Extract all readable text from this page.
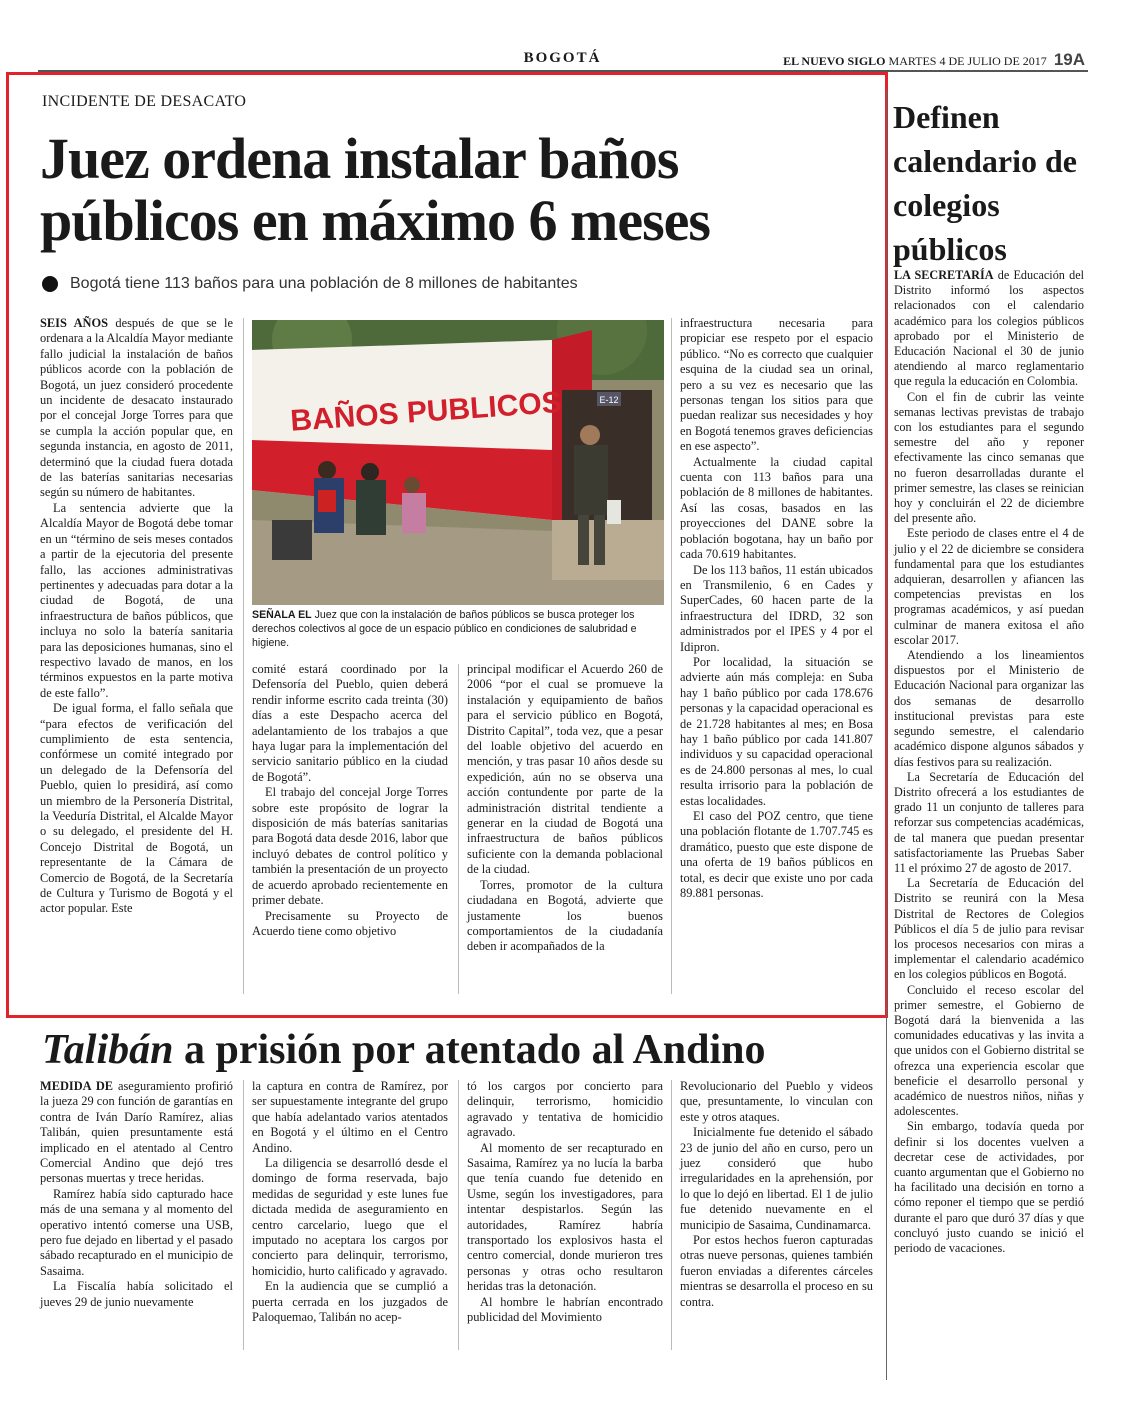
BOGOTÁ	EL NUEVO SIGLO MARTES 4 DE JULIO DE 2017 19A
INCIDENTE DE DESACATO
Juez ordena instalar baños
públicos en máximo 6 meses
Bogotá tiene 113 baños para una población de 8 millones de habitantes

SEIS AÑOS después de que se le ordenara a la Alcaldía Mayor mediante fallo judicial la instalación de baños públicos acorde con la población de Bogotá, un juez consideró procedente un incidente de desacato instaurado por el concejal Jorge Torres para que se cumpla la acción popular que, en segunda instancia, en agosto de 2011, determinó que la ciudad fuera dotada de las baterías sanitarias necesarias según su número de habitantes.

La sentencia advierte que la Alcaldía Mayor de Bogotá debe tomar en un “término de seis meses contados a partir de la ejecutoria del presente fallo, las acciones administrativas pertinentes y adecuadas para dotar a la ciudad de Bogotá, de una infraestructura de baños públicos, que incluya no solo la batería sanitaria para las deposiciones humanas, sino el respectivo lavado de manos, en los términos expuestos en la parte motiva de este fallo”.

De igual forma, el fallo señala que “para efectos de verificación del cumplimiento de esta sentencia, confórmese un comité integrado por un delegado de la Defensoría del Pueblo, quien lo presidirá, así como un miembro de la Personería Distrital, la Veeduría Distrital, el Alcalde Mayor o su delegado, el presidente del H. Concejo Distrital de Bogotá, un representante de la Cámara de Comercio de Bogotá, de la Secretaría de Cultura y Turismo de Bogotá y el actor popular. Este

E-12
BAÑOS PUBLICOS
SEÑALA EL Juez que con la instalación de baños públicos se busca proteger los derechos colectivos al goce de un espacio público en condiciones de salubridad e higiene.

comité estará coordinado por la Defensoría del Pueblo, quien deberá rendir informe escrito cada treinta (30) días a este Despacho acerca del adelantamiento de los trabajos a que haya lugar para la implementación del servicio sanitario público en la ciudad de Bogotá”.

El trabajo del concejal Jorge Torres sobre este propósito de lograr la disposición de más baterías sanitarias para Bogotá data desde 2016, labor que incluyó debates de control político y también la presentación de un proyecto de acuerdo aprobado recientemente en primer debate.

Precisamente su Proyecto de Acuerdo tiene como objetivo

principal modificar el Acuerdo 260 de 2006 “por el cual se promueve la instalación y equipamiento de baños para el servicio público en Bogotá, Distrito Capital”, toda vez, que a pesar del loable objetivo del acuerdo en mención, y tras pasar 10 años desde su expedición, aún no se observa una acción contundente por parte de la administración distrital tendiente a generar en la ciudad de Bogotá una infraestructura de baños públicos suficiente con la demanda poblacional de la ciudad.

Torres, promotor de la cultura ciudadana en Bogotá, advierte que justamente los buenos comportamientos de la ciudadanía deben ir acompañados de la

infraestructura necesaria para propiciar ese respeto por el espacio público. “No es correcto que cualquier esquina de la ciudad sea un orinal, pero a su vez es necesario que las personas tengan los sitios para que puedan realizar sus necesidades y hoy en Bogotá tenemos graves deficiencias en ese aspecto”.

Actualmente la ciudad capital cuenta con 113 baños para una población de 8 millones de habitantes. Así las cosas, basados en las proyecciones del DANE sobre la población bogotana, hay un baño por cada 70.619 habitantes.

De los 113 baños, 11 están ubicados en Transmilenio, 6 en Cades y SuperCades, 60 hacen parte de la infraestructura del IDRD, 32 son administrados por el IPES y 4 por el Idipron.

Por localidad, la situación se advierte aún más compleja: en Suba hay 1 baño público por cada 178.676 personas y la capacidad operacional es de 21.728 habitantes al mes; en Bosa hay 1 baño público por cada 141.807 individuos y su capacidad operacional es de 24.800 personas al mes, lo cual resulta irrisorio para la población de estas localidades.

El caso del POZ centro, que tiene una población flotante de 1.707.745 es dramático, puesto que este dispone de una oferta de 19 baños públicos en total, es decir que existe uno por cada 89.881 personas.

Definen calendario de colegios públicos

LA SECRETARÍA de Educación del Distrito informó los aspectos relacionados con el calendario académico para los colegios públicos aprobado por el Ministerio de Educación Nacional el 30 de junio atendiendo al marco reglamentario que regula la educación en Colombia.

Con el fin de cubrir las veinte semanas lectivas previstas de trabajo con los estudiantes para el segundo semestre del año y reponer efectivamente las cinco semanas que no fueron desarrolladas durante el primer semestre, las clases se reinician hoy y concluirán el 22 de diciembre del presente año.

Este periodo de clases entre el 4 de julio y el 22 de diciembre se considera fundamental para que los estudiantes adquieran, desarrollen y afiancen las competencias previstas en los programas académicos, y así puedan culminar de manera exitosa el año escolar 2017.

Atendiendo a los lineamientos dispuestos por el Ministerio de Educación Nacional para organizar las dos semanas de desarrollo institucional previstas para este segundo semestre, el calendario académico dispone algunos sábados y días festivos para su realización.

La Secretaría de Educación del Distrito ofrecerá a los estudiantes de grado 11 un conjunto de talleres para reforzar sus competencias académicas, de tal manera que puedan presentar satisfactoriamente las Pruebas Saber 11 el próximo 27 de agosto de 2017.

La Secretaría de Educación del Distrito se reunirá con la Mesa Distrital de Rectores de Colegios Públicos el día 5 de julio para revisar los procesos necesarios con miras a implementar el calendario académico en los colegios públicos en Bogotá.

Concluido el receso escolar del primer semestre, el Gobierno de Bogotá dará la bienvenida a las comunidades educativas y las invita a que unidos con el Gobierno distrital se ofrezca una experiencia escolar que beneficie el desarrollo personal y académico de nuestros niños, niñas y adolescentes.

Sin embargo, todavía queda por definir si los docentes vuelven a decretar cese de actividades, por cuanto argumentan que el Gobierno no ha facilitado una decisión en torno a cómo reponer el tiempo que se perdió durante el paro que duró 37 días y que concluyó justo cuando se inició el periodo de vacaciones.

Talibán a prisión por atentado al Andino

MEDIDA DE aseguramiento profirió la jueza 29 con función de garantías en contra de Iván Darío Ramírez, alias Talibán, quien presuntamente está implicado en el atentado al Centro Comercial Andino que dejó tres personas muertas y trece heridas.

Ramírez había sido capturado hace más de una semana y al momento del operativo intentó comerse una USB, pero fue dejado en libertad y el pasado sábado recapturado en el municipio de Sasaima.

La Fiscalía había solicitado el jueves 29 de junio nuevamente

la captura en contra de Ramírez, por ser supuestamente integrante del grupo que había adelantado varios atentados en Bogotá y el último en el Centro Andino.

La diligencia se desarrolló desde el domingo de forma reservada, bajo medidas de seguridad y este lunes fue dictada medida de aseguramiento en centro carcelario, luego que el imputado no aceptara los cargos por concierto para delinquir, terrorismo, homicidio, hurto calificado y agravado.

En la audiencia que se cumplió a puerta cerrada en los juzgados de Paloquemao, Talibán no acep-

tó los cargos por concierto para delinquir, terrorismo, homicidio agravado y tentativa de homicidio agravado.

Al momento de ser recapturado en Sasaima, Ramírez ya no lucía la barba que tenía cuando fue detenido en Usme, según los investigadores, para intentar despistarlos. Según las autoridades, Ramírez habría transportado los explosivos hasta el centro comercial, donde murieron tres personas y otras ocho resultaron heridas tras la detonación.

Al hombre le habrían encontrado publicidad del Movimiento

Revolucionario del Pueblo y videos que, presuntamente, lo vinculan con este y otros ataques.

Inicialmente fue detenido el sábado 23 de junio del año en curso, pero un juez consideró que hubo irregularidades en la aprehensión, por lo que lo dejó en libertad. El 1 de julio fue detenido nuevamente en el municipio de Sasaima, Cundinamarca.

Por estos hechos fueron capturadas otras nueve personas, quienes también fueron enviadas a diferentes cárceles mientras se desarrolla el proceso en su contra.
